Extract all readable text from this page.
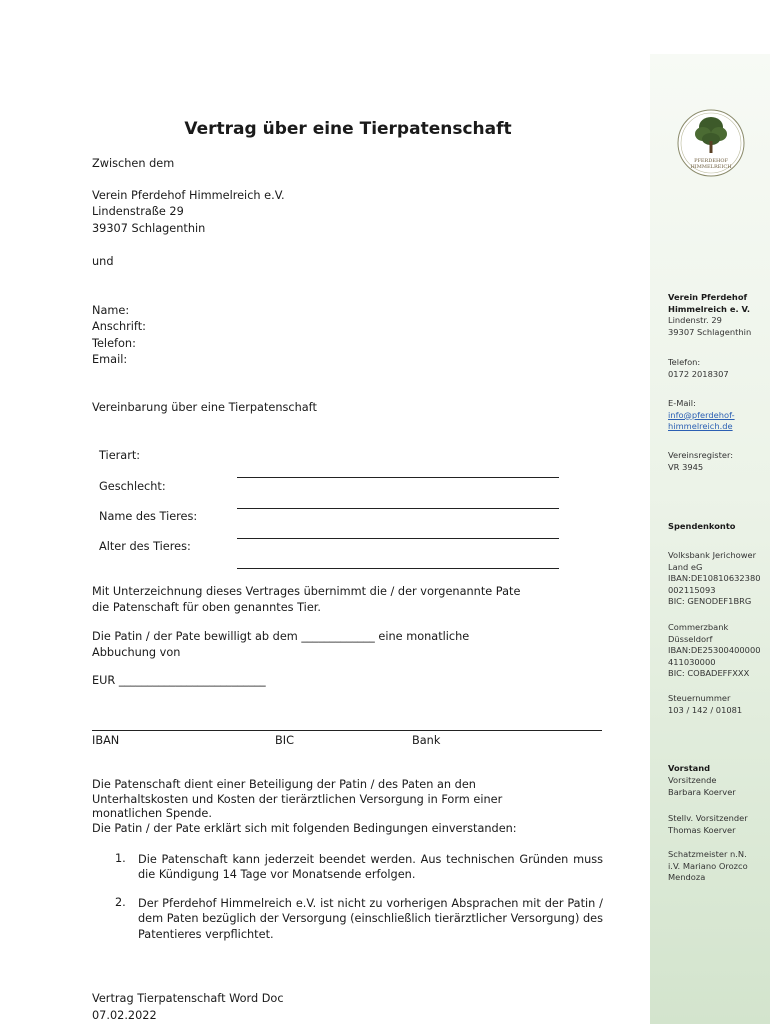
PFERDEHOF
HIMMELREICH
Verein Pferdehof
Himmelreich e. V.
Lindenstr. 29
39307 Schlagenthin
Telefon:
0172 2018307
E-Mail:
info@pferdehof-
himmelreich.de
Vereinsregister:
VR 3945
Spendenkonto
Volksbank Jerichower
Land eG
IBAN:DE10810632380
002115093
BIC: GENODEF1BRG
Commerzbank
Düsseldorf
IBAN:DE25300400000
411030000
BIC: COBADEFFXXX
Steuernummer
103 / 142 / 01081
Vorstand
Vorsitzende
Barbara Koerver
Stellv. Vorsitzender
Thomas Koerver
Schatzmeister n.N.
i.V. Mariano Orozco
Mendoza
Vertrag über eine Tierpatenschaft
Zwischen dem
Verein Pferdehof Himmelreich e.V.
Lindenstraße 29
39307 Schlagenthin
und
Name:
Anschrift:
Telefon:
Email:
Vereinbarung über eine Tierpatenschaft
Tierart:
Geschlecht:
Name des Tieres:
Alter des Tieres:
Mit Unterzeichnung dieses Vertrages übernimmt die / der vorgenannte Pate
die Patenschaft für oben genanntes Tier.
Die Patin / der Pate bewilligt ab dem _____________ eine monatliche
Abbuchung von
EUR __________________________
IBAN	BIC	Bank
Die Patenschaft dient einer Beteiligung der Patin / des Paten an den
Unterhaltskosten und Kosten der tierärztlichen Versorgung in Form einer
monatlichen Spende.
Die Patin / der Pate erklärt sich mit folgenden Bedingungen einverstanden:
1. Die Patenschaft kann jederzeit beendet werden. Aus technischen Gründen muss die Kündigung 14 Tage vor Monatsende erfolgen.
2. Der Pferdehof Himmelreich e.V. ist nicht zu vorherigen Absprachen mit der Patin / dem Paten bezüglich der Versorgung (einschließlich tierärztlicher Versorgung) des Patentieres verpflichtet.
Vertrag Tierpatenschaft Word Doc
07.02.2022
